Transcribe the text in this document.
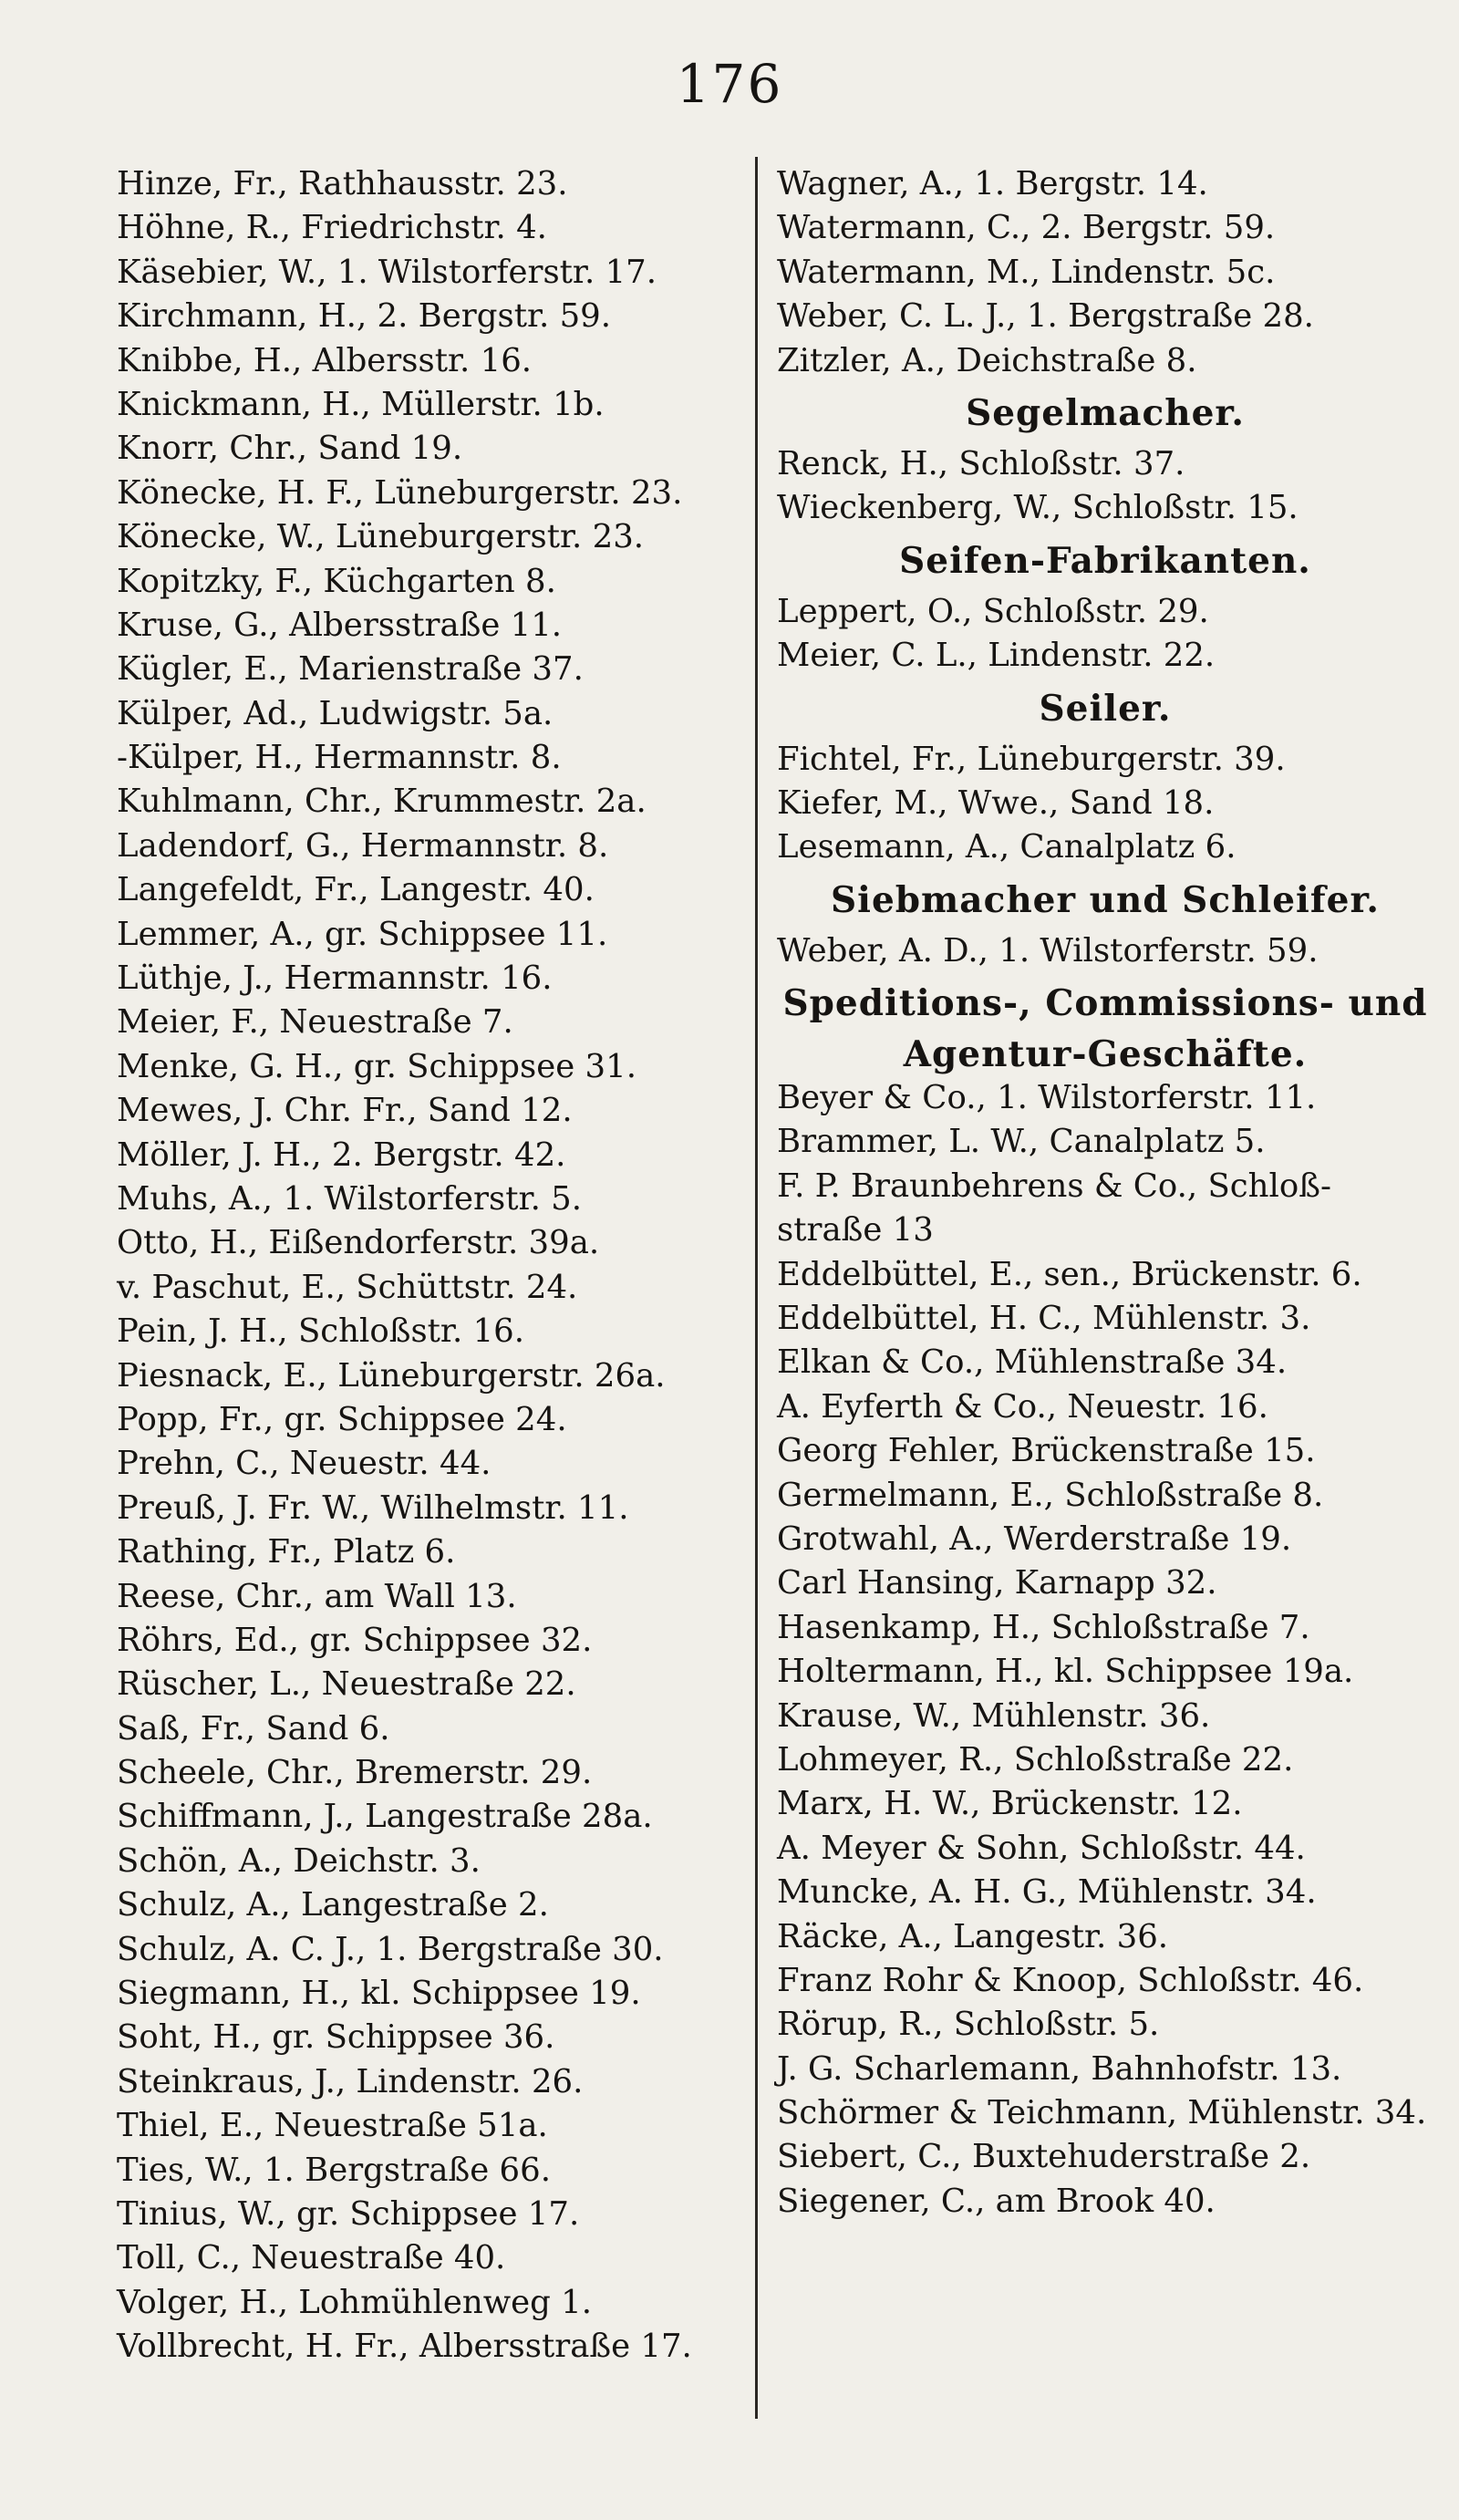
176
Hinze, Fr., Rathhausstr. 23.
Höhne, R., Friedrichstr. 4.
Käsebier, W., 1. Wilstorferstr. 17.
Kirchmann, H., 2. Bergstr. 59.
Knibbe, H., Albersstr. 16.
Knickmann, H., Müllerstr. 1b.
Knorr, Chr., Sand 19.
Könecke, H. F., Lüneburgerstr. 23.
Könecke, W., Lüneburgerstr. 23.
Kopitzky, F., Küchgarten 8.
Kruse, G., Albersstraße 11.
Kügler, E., Marienstraße 37.
Külper, Ad., Ludwigstr. 5a.
-Külper, H., Hermannstr. 8.
Kuhlmann, Chr., Krummestr. 2a.
Ladendorf, G., Hermannstr. 8.
Langefeldt, Fr., Langestr. 40.
Lemmer, A., gr. Schippsee 11.
Lüthje, J., Hermannstr. 16.
Meier, F., Neuestraße 7.
Menke, G. H., gr. Schippsee 31.
Mewes, J. Chr. Fr., Sand 12.
Möller, J. H., 2. Bergstr. 42.
Muhs, A., 1. Wilstorferstr. 5.
Otto, H., Eißendorferstr. 39a.
v. Paschut, E., Schüttstr. 24.
Pein, J. H., Schloßstr. 16.
Piesnack, E., Lüneburgerstr. 26a.
Popp, Fr., gr. Schippsee 24.
Prehn, C., Neuestr. 44.
Preuß, J. Fr. W., Wilhelmstr. 11.
Rathing, Fr., Platz 6.
Reese, Chr., am Wall 13.
Röhrs, Ed., gr. Schippsee 32.
Rüscher, L., Neuestraße 22.
Saß, Fr., Sand 6.
Scheele, Chr., Bremerstr. 29.
Schiffmann, J., Langestraße 28a.
Schön, A., Deichstr. 3.
Schulz, A., Langestraße 2.
Schulz, A. C. J., 1. Bergstraße 30.
Siegmann, H., kl. Schippsee 19.
Soht, H., gr. Schippsee 36.
Steinkraus, J., Lindenstr. 26.
Thiel, E., Neuestraße 51a.
Ties, W., 1. Bergstraße 66.
Tinius, W., gr. Schippsee 17.
Toll, C., Neuestraße 40.
Volger, H., Lohmühlenweg 1.
Vollbrecht, H. Fr., Albersstraße 17.
Wagner, A., 1. Bergstr. 14.
Watermann, C., 2. Bergstr. 59.
Watermann, M., Lindenstr. 5c.
Weber, C. L. J., 1. Bergstraße 28.
Zitzler, A., Deichstraße 8.
Segelmacher.
Renck, H., Schloßstr. 37.
Wieckenberg, W., Schloßstr. 15.
Seifen-Fabrikanten.
Leppert, O., Schloßstr. 29.
Meier, C. L., Lindenstr. 22.
Seiler.
Fichtel, Fr., Lüneburgerstr. 39.
Kiefer, M., Wwe., Sand 18.
Lesemann, A., Canalplatz 6.
Siebmacher und Schleifer.
Weber, A. D., 1. Wilstorferstr. 59.
Speditions-, Commissions- und
Agentur-Geschäfte.
Beyer & Co., 1. Wilstorferstr. 11.
Brammer, L. W., Canalplatz 5.
F. P. Braunbehrens & Co., Schloß-
straße 13
Eddelbüttel, E., sen., Brückenstr. 6.
Eddelbüttel, H. C., Mühlenstr. 3.
Elkan & Co., Mühlenstraße 34.
A. Eyferth & Co., Neuestr. 16.
Georg Fehler, Brückenstraße 15.
Germelmann, E., Schloßstraße 8.
Grotwahl, A., Werderstraße 19.
Carl Hansing, Karnapp 32.
Hasenkamp, H., Schloßstraße 7.
Holtermann, H., kl. Schippsee 19a.
Krause, W., Mühlenstr. 36.
Lohmeyer, R., Schloßstraße 22.
Marx, H. W., Brückenstr. 12.
A. Meyer & Sohn, Schloßstr. 44.
Muncke, A. H. G., Mühlenstr. 34.
Räcke, A., Langestr. 36.
Franz Rohr & Knoop, Schloßstr. 46.
Rörup, R., Schloßstr. 5.
J. G. Scharlemann, Bahnhofstr. 13.
Schörmer & Teichmann, Mühlenstr. 34.
Siebert, C., Buxtehuderstraße 2.
Siegener, C., am Brook 40.
